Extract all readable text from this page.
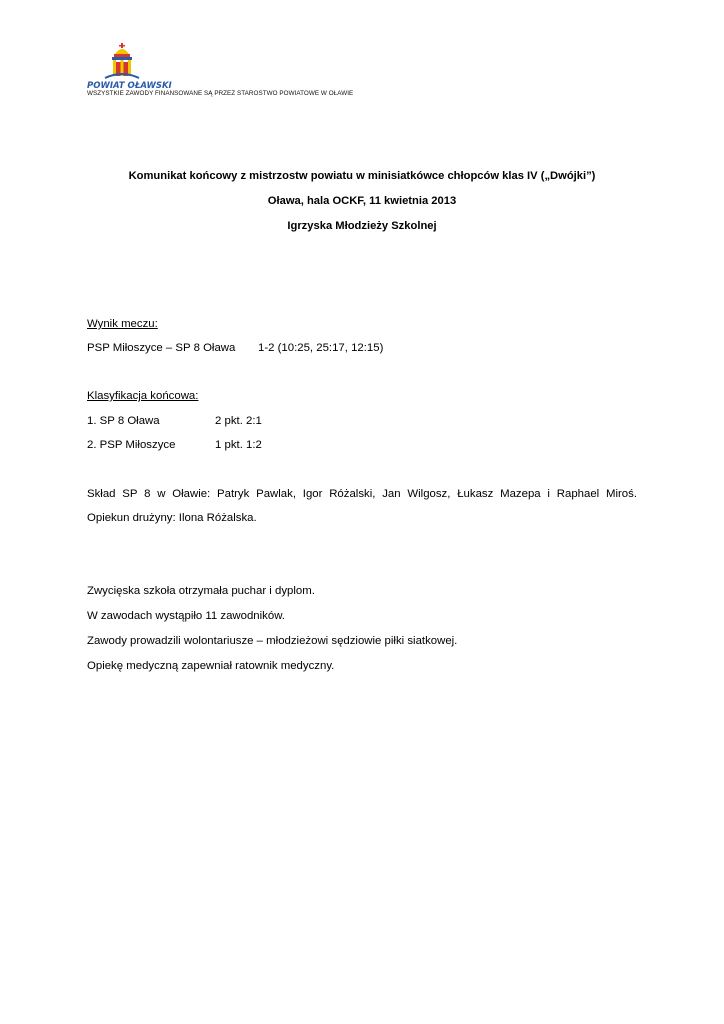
POWIAT OŁAWSKI
WSZYSTKIE ZAWODY FINANSOWANE SĄ PRZEZ STAROSTWO POWIATOWE W OŁAWIE
Komunikat końcowy z mistrzostw powiatu w minisiatkówce chłopców klas IV („Dwójki”)
Oława, hala OCKF, 11 kwietnia 2013
Igrzyska Młodzieży Szkolnej
Wynik meczu:
PSP Miłoszyce – SP 8 Oława 1-2 (10:25, 25:17, 12:15)
Klasyfikacja końcowa:
1. SP 8 Oława	2 pkt. 2:1
2. PSP Miłoszyce	1 pkt. 1:2
Skład SP 8 w Oławie: Patryk Pawlak, Igor Różalski, Jan Wilgosz, Łukasz Mazepa i Raphael Miroś.
Opiekun drużyny: Ilona Różalska.
Zwycięska szkoła otrzymała puchar i dyplom.
W zawodach wystąpiło 11 zawodników.
Zawody prowadzili wolontariusze – młodzieżowi sędziowie piłki siatkowej.
Opiekę medyczną zapewniał ratownik medyczny.
